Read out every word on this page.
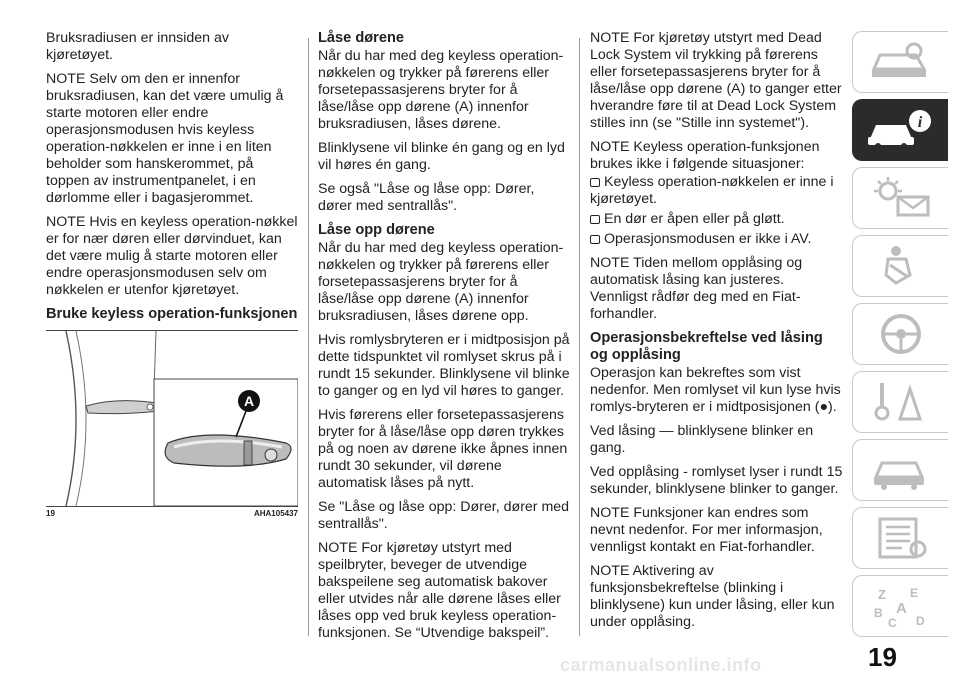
Bruksradiusen er innsiden av kjøretøyet.

NOTE Selv om den er innenfor bruksradiusen, kan det være umulig å starte motoren eller endre operasjonsmodusen hvis keyless operation-nøkkelen er inne i en liten beholder som hanskerommet, på toppen av instrumentpanelet, i en dørlomme eller i bagasjerommet.

NOTE Hvis en keyless operation-nøkkel er for nær døren eller dørvinduet, kan det være mulig å starte motoren eller endre operasjonsmodusen selv om nøkkelen er utenfor kjøretøyet.

Bruke keyless operation-funksjonen
A
19	AHA105437
Låse dørene

Når du har med deg keyless operation-nøkkelen og trykker på førerens eller forsetepassasjerens bryter for å låse/låse opp dørene (A) innenfor bruksradiusen, låses dørene.

Blinklysene vil blinke én gang og en lyd vil høres én gang.

Se også "Låse og låse opp: Dører, dører med sentrallås".

Låse opp dørene

Når du har med deg keyless operation-nøkkelen og trykker på førerens eller forsetepassasjerens bryter for å låse/låse opp dørene (A) innenfor bruksradiusen, låses dørene opp.

Hvis romlysbryteren er i midtposisjon på dette tidspunktet vil romlyset skrus på i rundt 15 sekunder. Blinklysene vil blinke to ganger og en lyd vil høres to ganger.

Hvis førerens eller forsetepassasjerens bryter for å låse/låse opp døren trykkes på og noen av dørene ikke åpnes innen rundt 30 sekunder, vil dørene automatisk låses på nytt.

Se "Låse og låse opp: Dører, dører med sentrallås".

NOTE For kjøretøy utstyrt med speilbryter, beveger de utvendige bakspeilene seg automatisk bakover eller utvides når alle dørene låses eller låses opp ved bruk keyless operation-funksjonen. Se “Utvendige bakspeil”.

NOTE For kjøretøy utstyrt med Dead Lock System vil trykking på førerens eller forsetepassasjerens bryter for å låse/låse opp dørene (A) to ganger etter hverandre føre til at Dead Lock System stilles inn (se "Stille inn systemet").

NOTE Keyless operation-funksjonen brukes ikke i følgende situasjoner:

Keyless operation-nøkkelen er inne i kjøretøyet.

En dør er åpen eller på gløtt.

Operasjonsmodusen er ikke i AV.

NOTE Tiden mellom opplåsing og automatisk låsing kan justeres. Vennligst rådfør deg med en Fiat-forhandler.

Operasjonsbekreftelse ved låsing og opplåsing

Operasjon kan bekreftes som vist nedenfor. Men romlyset vil kun lyse hvis romlys-bryteren er i midtposisjonen (●).

Ved låsing — blinklysene blinker en gang.

Ved opplåsing - romlyset lyser i rundt 15 sekunder, blinklysene blinker to ganger.

NOTE Funksjoner kan endres som nevnt nedenfor. For mer informasjon, vennligst kontakt en Fiat-forhandler.

NOTE Aktivering av funksjonsbekreftelse (blinking i blinklysene) kun under låsing, eller kun under opplåsing.

i
Z E
A
B
C D
19
carmanualsonline.info
